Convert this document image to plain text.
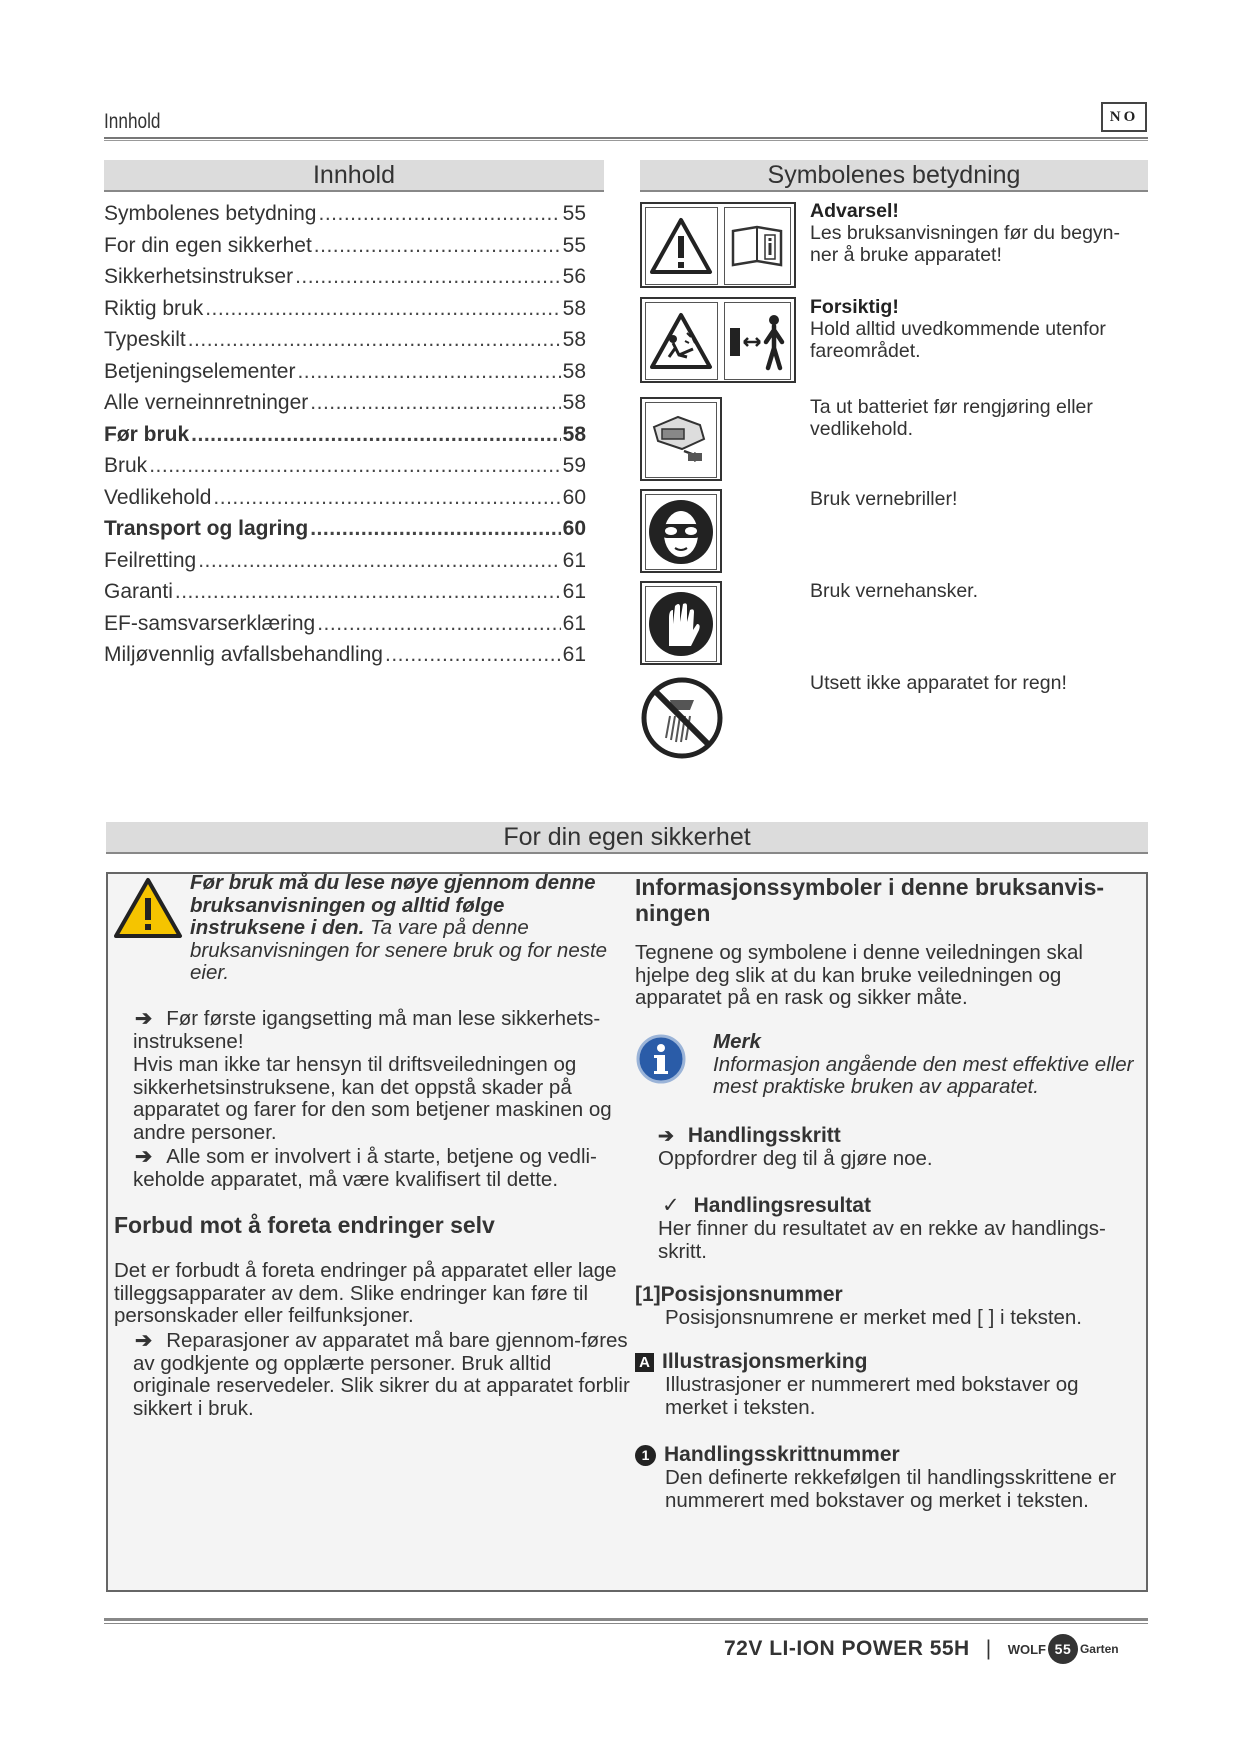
Innhold	NO
Innhold
Symbolenes betydning .....	55
For din egen sikkerhet .....	55
Sikkerhetsinstrukser .....	56
Riktig bruk .....	58
Typeskilt .....	58
Betjeningselementer .....	58
Alle verneinnretninger .....	58
Før bruk .....	58
Bruk .....	59
Vedlikehold .....	60
Transport og lagring .....	60
Feilretting .....	61
Garanti .....	61
EF-samsvarserklæring .....	61
Miljøvennlig avfallsbehandling .....	61
Symbolenes betydning
Advarsel!
Les bruksanvisningen før du begyn-ner å bruke apparatet!
Forsiktig!
Hold alltid uvedkommende utenfor fareområdet.
Ta ut batteriet før rengjøring eller vedlikehold.
Bruk vernebriller!
Bruk vernehansker.
Utsett ikke apparatet for regn!
For din egen sikkerhet
Før bruk må du lese nøye gjennom denne bruksanvisningen og alltid følge instruksene i den. Ta vare på denne bruksanvisningen for senere bruk og for neste eier.
➔ Før første igangsetting må man lese sikkerhets-instruksene!
Hvis man ikke tar hensyn til driftsveiledningen og sikkerhetsinstruksene, kan det oppstå skader på apparatet og farer for den som betjener maskinen og andre personer.
➔ Alle som er involvert i å starte, betjene og vedli-keholde apparatet, må være kvalifisert til dette.
Forbud mot å foreta endringer selv
Det er forbudt å foreta endringer på apparatet eller lage tilleggsapparater av dem. Slike endringer kan føre til personskader eller feilfunksjoner.
➔ Reparasjoner av apparatet må bare gjennom-føres av godkjente og opplærte personer. Bruk alltid originale reservedeler. Slik sikrer du at apparatet forblir sikkert i bruk.
Informasjonssymboler i denne bruksanvis-ningen
Tegnene og symbolene i denne veiledningen skal hjelpe deg slik at du kan bruke veiledningen og apparatet på en rask og sikker måte.
Merk
Informasjon angående den mest effektive eller mest praktiske bruken av apparatet.
➔ Handlingsskritt
Oppfordrer deg til å gjøre noe.
✓ Handlingsresultat
Her finner du resultatet av en rekke av handlings-skritt.
[1]Posisjonsnummer
Posisjonsnumrene er merket med [ ] i teksten.
A Illustrasjonsmerking
Illustrasjoner er nummerert med bokstaver og merket i teksten.
1 Handlingsskrittnummer
Den definerte rekkefølgen til handlingsskrittene er nummerert med bokstaver og merket i teksten.
72V LI-ION POWER 55H | WOLF 55 Garten
